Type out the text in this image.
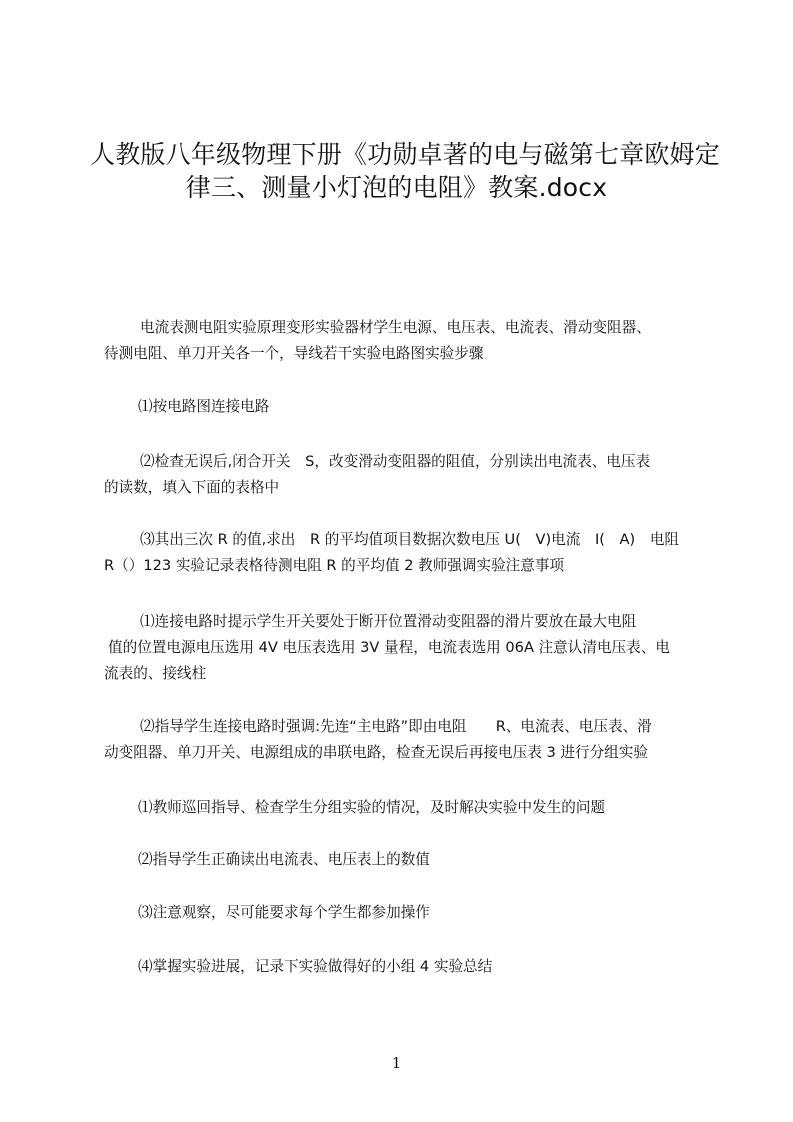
人教版八年级物理下册《功勋卓著的电与磁第七章欧姆定
律三、测量小灯泡的电阻》教案.docx
电流表测电阻实验原理变形实验器材学生电源、电压表、电流表、滑动变阻器、
待测电阻、单刀开关各一个，导线若干实验电路图实验步骤
⑴按电路图连接电路
⑵检查无误后,闭合开关　S，改变滑动变阻器的阻值，分别读出电流表、电压表
的读数，填入下面的表格中
⑶其出三次 R 的值,求出　R 的平均值项目数据次数电压 U(　V)电流　I(　A)　电阻
R（）123 实验记录表格待测电阻 R 的平均值 2 教师强调实验注意事项
⑴连接电路时提示学生开关要处于断开位置滑动变阻器的滑片要放在最大电阻
值的位置电源电压选用 4V 电压表选用 3V 量程，电流表选用 06A 注意认清电压表、电
流表的、接线柱
⑵指导学生连接电路时强调:先连“主电路”即由电阻　　R、电流表、电压表、滑
动变阻器、单刀开关、电源组成的串联电路，检查无误后再接电压表 3 进行分组实验
⑴教师巡回指导、检查学生分组实验的情况，及时解决实验中发生的问题
⑵指导学生正确读出电流表、电压表上的数值
⑶注意观察，尽可能要求每个学生都参加操作
⑷掌握实验进展，记录下实验做得好的小组 4 实验总结
1
